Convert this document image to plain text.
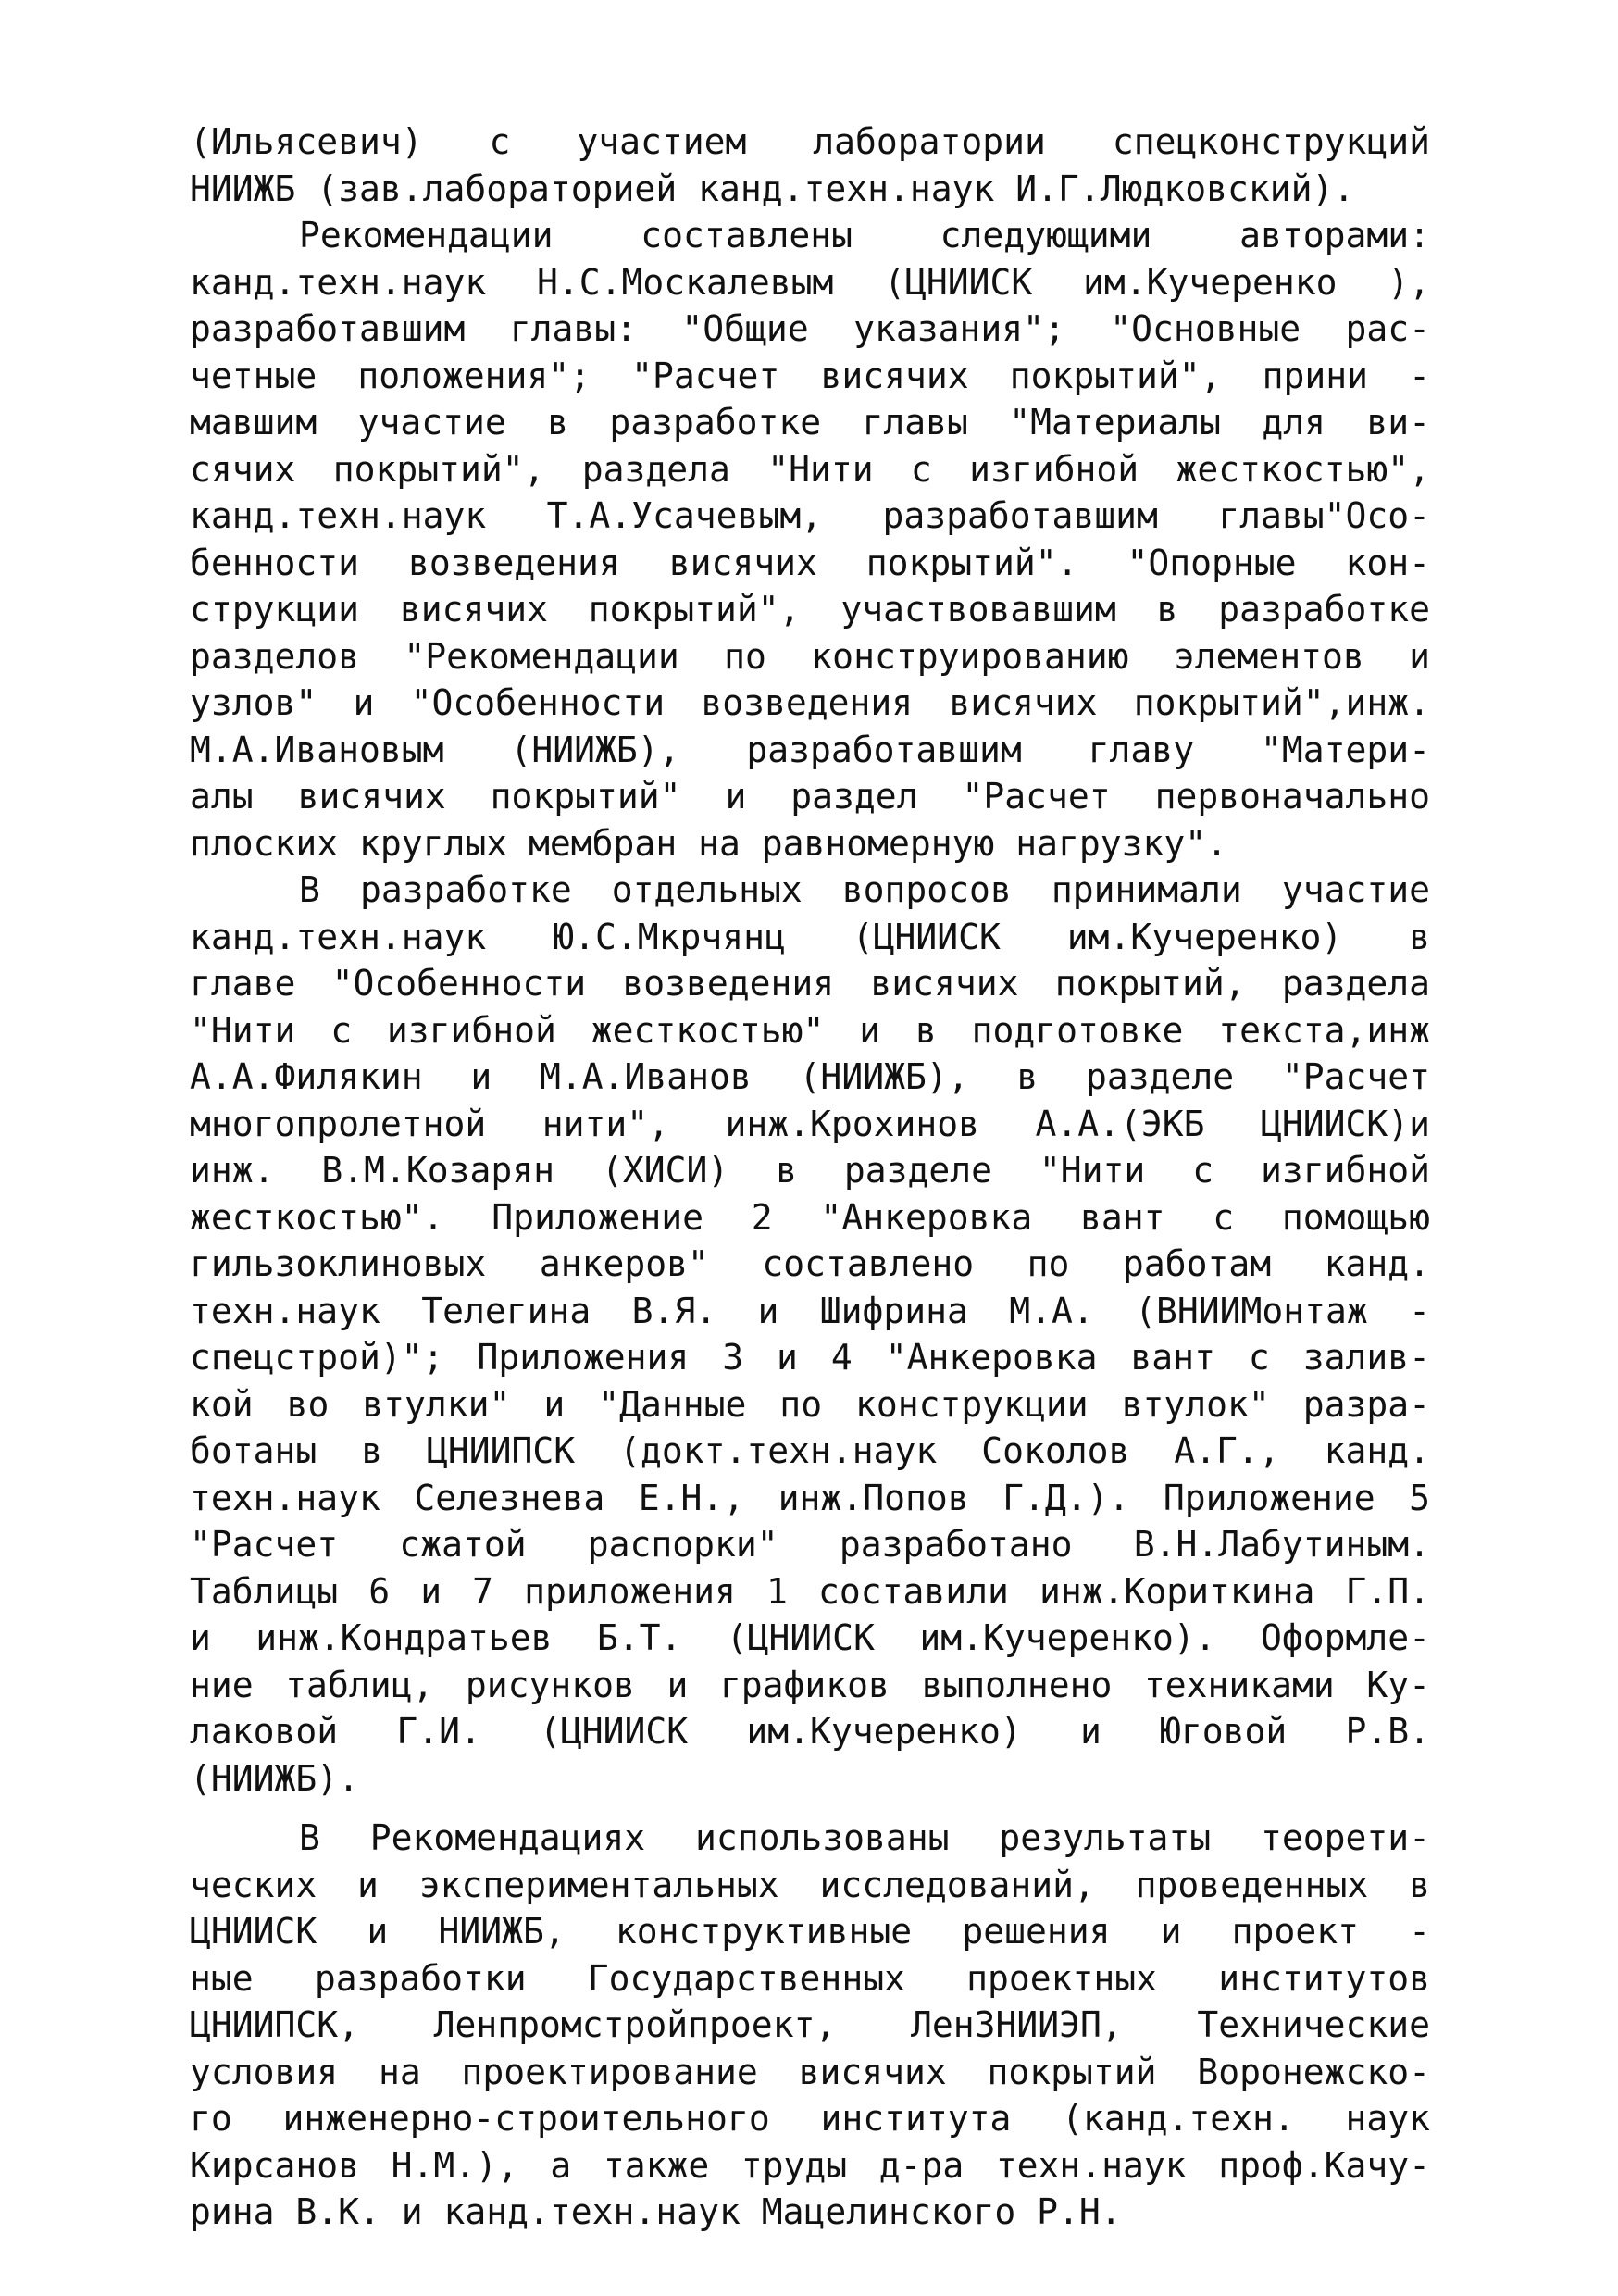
(Ильясевич) с участием лаборатории спецконструкций
НИИЖБ (зав.лабораторией канд.техн.наук И.Г.Людковский).
Рекомендации составлены следующими авторами:
канд.техн.наук Н.С.Москалевым (ЦНИИСК им.Кучеренко ),
разработавшим главы: "Общие указания"; "Основные рас-
четные положения"; "Расчет висячих покрытий", прини -
мавшим участие в разработке главы "Материалы для ви-
сячих покрытий", раздела "Нити с изгибной жесткостью",
канд.техн.наук Т.А.Усачевым, разработавшим главы"Осо-
бенности возведения висячих покрытий". "Опорные кон-
струкции висячих покрытий", участвовавшим в разработке
разделов "Рекомендации по конструированию элементов и
узлов" и "Особенности возведения висячих покрытий",инж.
М.А.Ивановым (НИИЖБ), разработавшим главу "Матери-
алы висячих покрытий" и раздел "Расчет первоначально
плоских круглых мембран на равномерную нагрузку".
В разработке отдельных вопросов принимали участие
канд.техн.наук Ю.С.Мкрчянц (ЦНИИСК им.Кучеренко) в
главе "Особенности возведения висячих покрытий, раздела
"Нити с изгибной жесткостью" и в подготовке текста,инж
А.А.Филякин и М.А.Иванов (НИИЖБ), в разделе "Расчет
многопролетной нити", инж.Крохинов А.А.(ЭКБ ЦНИИСК)и
инж. В.М.Козарян (ХИСИ) в разделе "Нити с изгибной
жесткостью". Приложение 2 "Анкеровка вант с помощью
гильзоклиновых анкеров" составлено по работам канд.
техн.наук Телегина В.Я. и Шифрина М.А. (ВНИИМонтаж -
спецстрой)"; Приложения 3 и 4 "Анкеровка вант с залив-
кой во втулки" и "Данные по конструкции втулок" разра-
ботаны в ЦНИИПСК (докт.техн.наук Соколов А.Г., канд.
техн.наук Селезнева Е.Н., инж.Попов Г.Д.). Приложение 5
"Расчет сжатой распорки" разработано В.Н.Лабутиным.
Таблицы 6 и 7 приложения 1 составили инж.Кориткина Г.П.
и инж.Кондратьев Б.Т. (ЦНИИСК им.Кучеренко). Оформле-
ние таблиц, рисунков и графиков выполнено техниками Ку-
лаковой Г.И. (ЦНИИСК им.Кучеренко) и Юговой Р.В.
(НИИЖБ).
В Рекомендациях использованы результаты теорети-
ческих и экспериментальных исследований, проведенных в
ЦНИИСК и НИИЖБ, конструктивные решения и проект -
ные разработки Государственных проектных институтов
ЦНИИПСК, Ленпромстройпроект, ЛенЗНИИЭП, Технические
условия на проектирование висячих покрытий Воронежско-
го инженерно-строительного института (канд.техн. наук
Кирсанов Н.М.), а также труды д-ра техн.наук проф.Качу-
рина В.К. и канд.техн.наук Мацелинского Р.Н.
